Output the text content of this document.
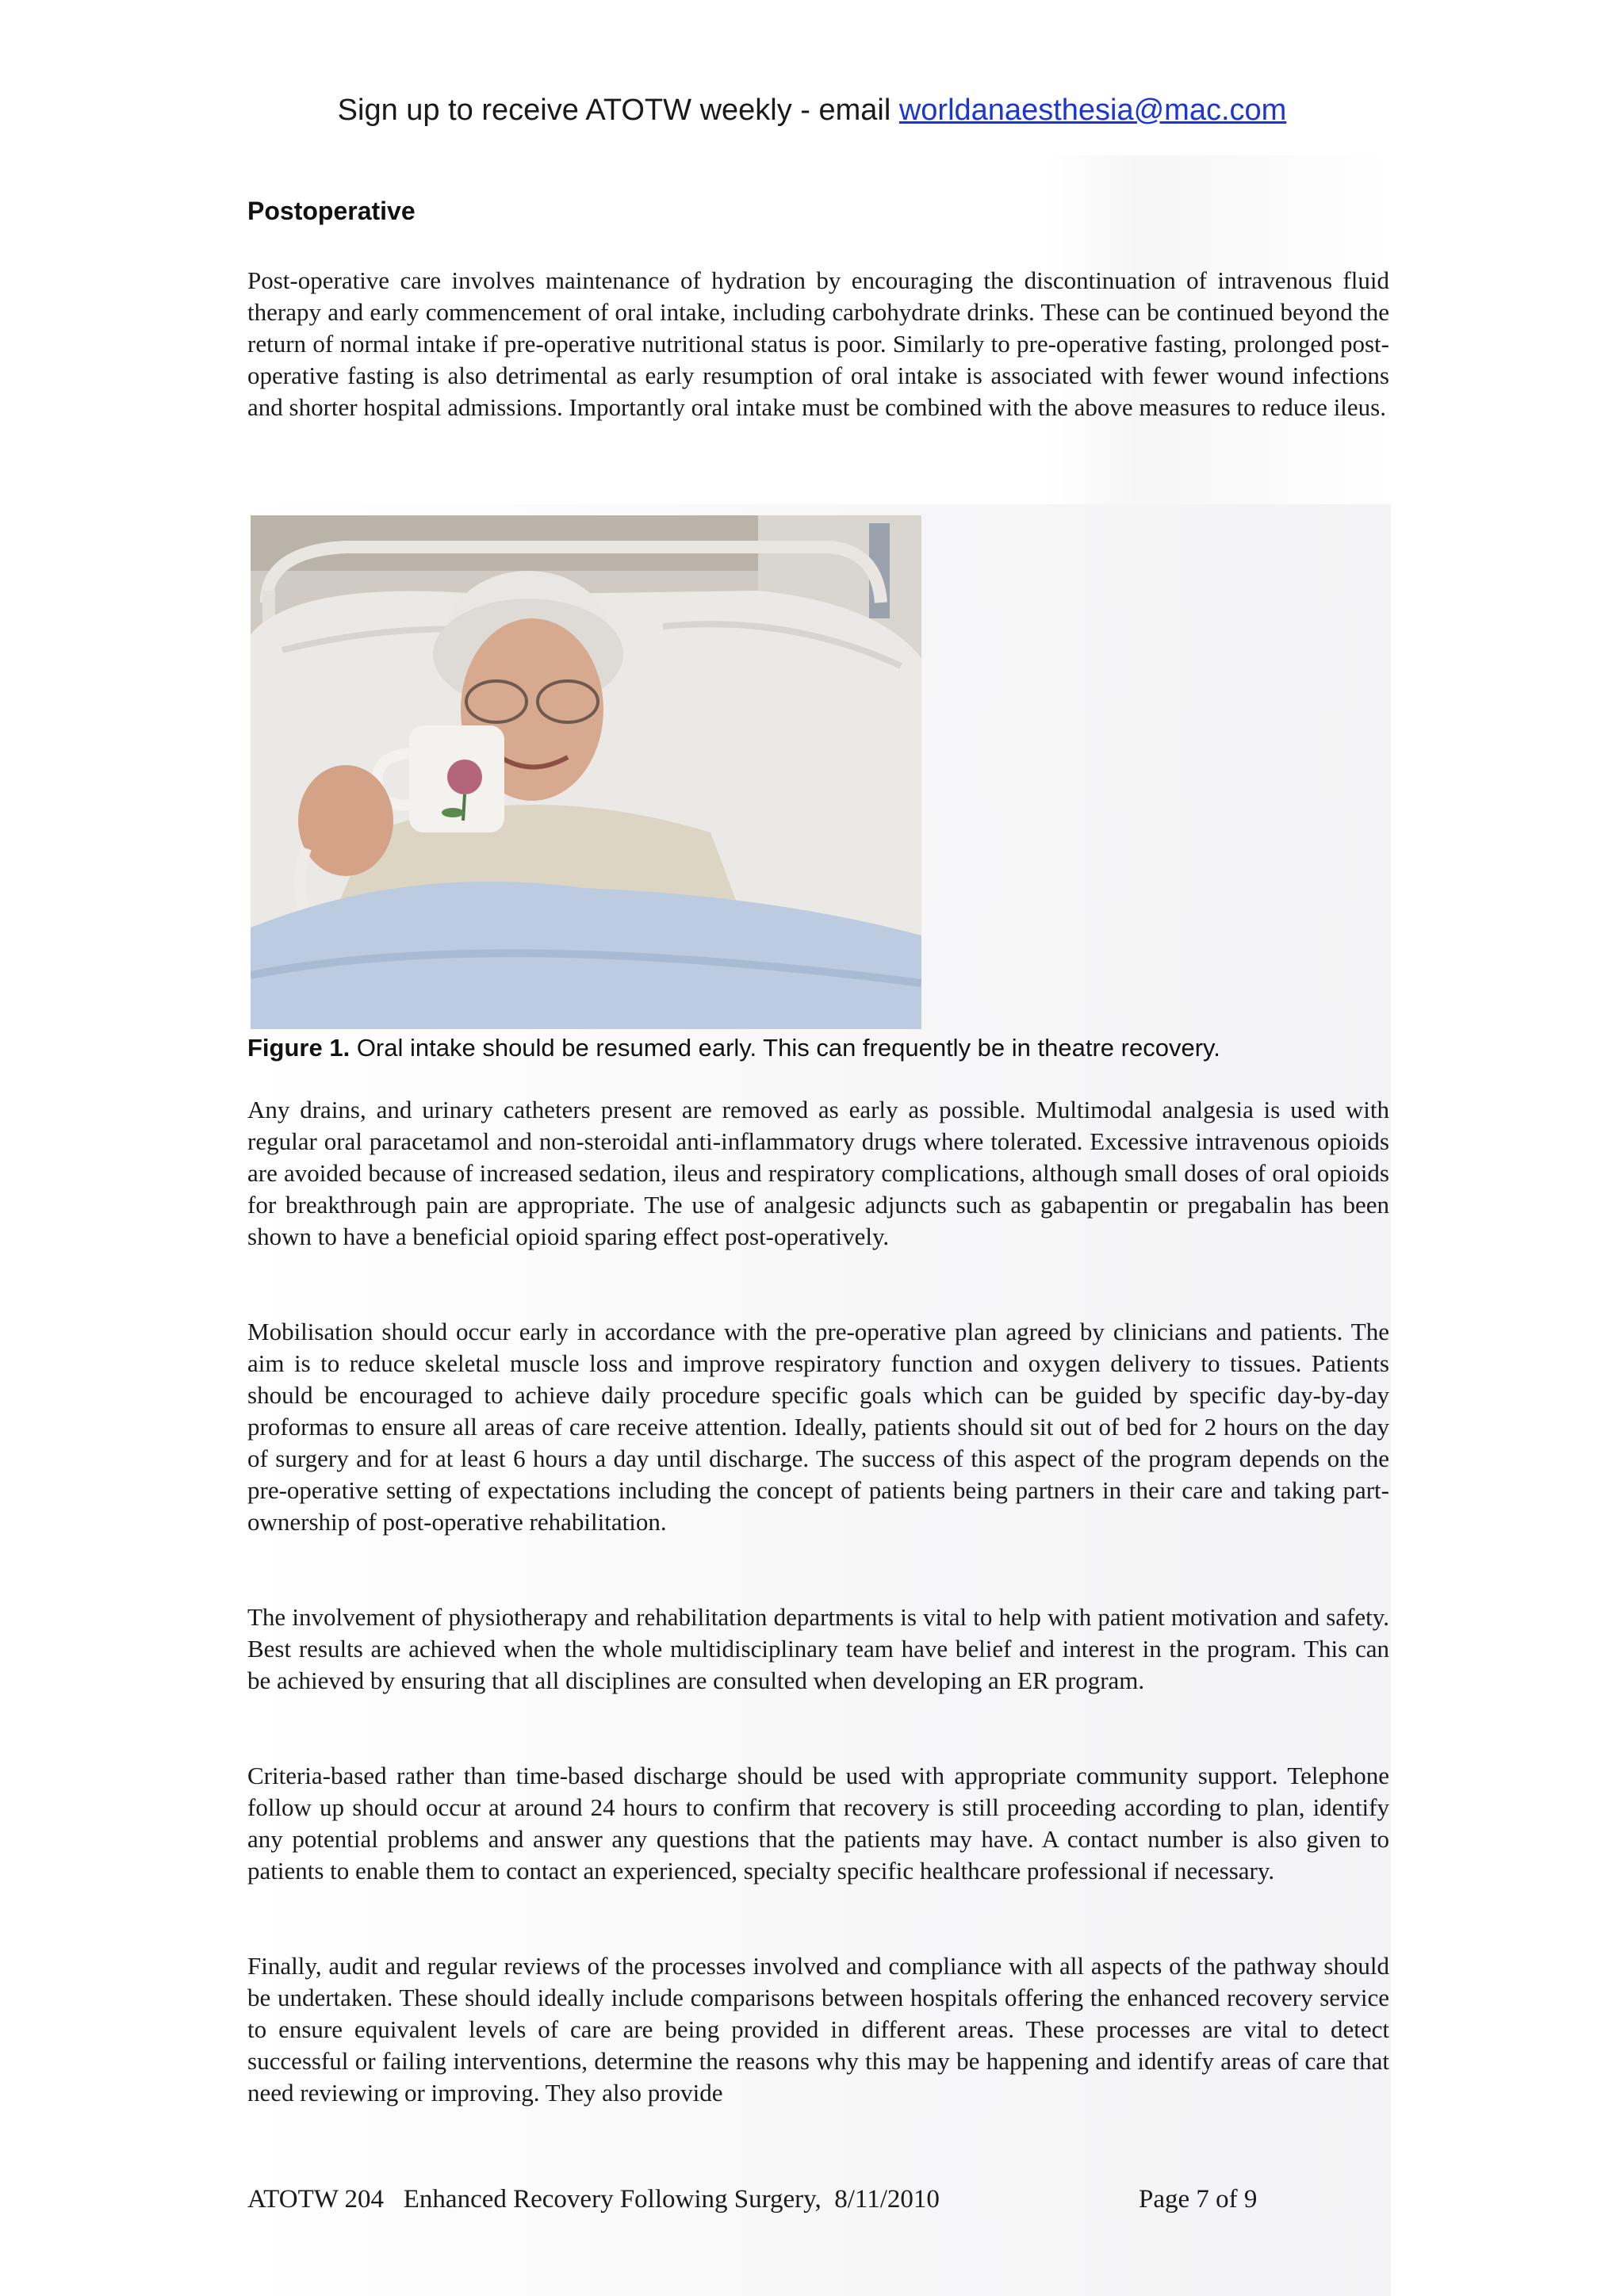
Sign up to receive ATOTW weekly - email worldanaesthesia@mac.com
Postoperative

Post-operative care involves maintenance of hydration by encouraging the discontinuation of intravenous fluid therapy and early commencement of oral intake, including carbohydrate drinks. These can be continued beyond the return of normal intake if pre-operative nutritional status is poor. Similarly to pre-operative fasting, prolonged post-operative fasting is also detrimental as early resumption of oral intake is associated with fewer wound infections and shorter hospital admissions. Importantly oral intake must be combined with the above measures to reduce ileus.

Figure 1. Oral intake should be resumed early. This can frequently be in theatre recovery.

Any drains, and urinary catheters present are removed as early as possible. Multimodal analgesia is used with regular oral paracetamol and non-steroidal anti-inflammatory drugs where tolerated. Excessive intravenous opioids are avoided because of increased sedation, ileus and respiratory complications, although small doses of oral opioids for breakthrough pain are appropriate. The use of analgesic adjuncts such as gabapentin or pregabalin has been shown to have a beneficial opioid sparing effect post-operatively.

Mobilisation should occur early in accordance with the pre-operative plan agreed by clinicians and patients. The aim is to reduce skeletal muscle loss and improve respiratory function and oxygen delivery to tissues. Patients should be encouraged to achieve daily procedure specific goals which can be guided by specific day-by-day proformas to ensure all areas of care receive attention. Ideally, patients should sit out of bed for 2 hours on the day of surgery and for at least 6 hours a day until discharge. The success of this aspect of the program depends on the pre-operative setting of expectations including the concept of patients being partners in their care and taking part-ownership of post-operative rehabilitation.

The involvement of physiotherapy and rehabilitation departments is vital to help with patient motivation and safety. Best results are achieved when the whole multidisciplinary team have belief and interest in the program. This can be achieved by ensuring that all disciplines are consulted when developing an ER program.

Criteria-based rather than time-based discharge should be used with appropriate community support. Telephone follow up should occur at around 24 hours to confirm that recovery is still proceeding according to plan, identify any potential problems and answer any questions that the patients may have. A contact number is also given to patients to enable them to contact an experienced, specialty specific healthcare professional if necessary.

Finally, audit and regular reviews of the processes involved and compliance with all aspects of the pathway should be undertaken. These should ideally include comparisons between hospitals offering the enhanced recovery service to ensure equivalent levels of care are being provided in different areas. These processes are vital to detect successful or failing interventions, determine the reasons why this may be happening and identify areas of care that need reviewing or improving. They also provide

ATOTW 204   Enhanced Recovery Following Surgery,  8/11/2010	Page 7 of 9
